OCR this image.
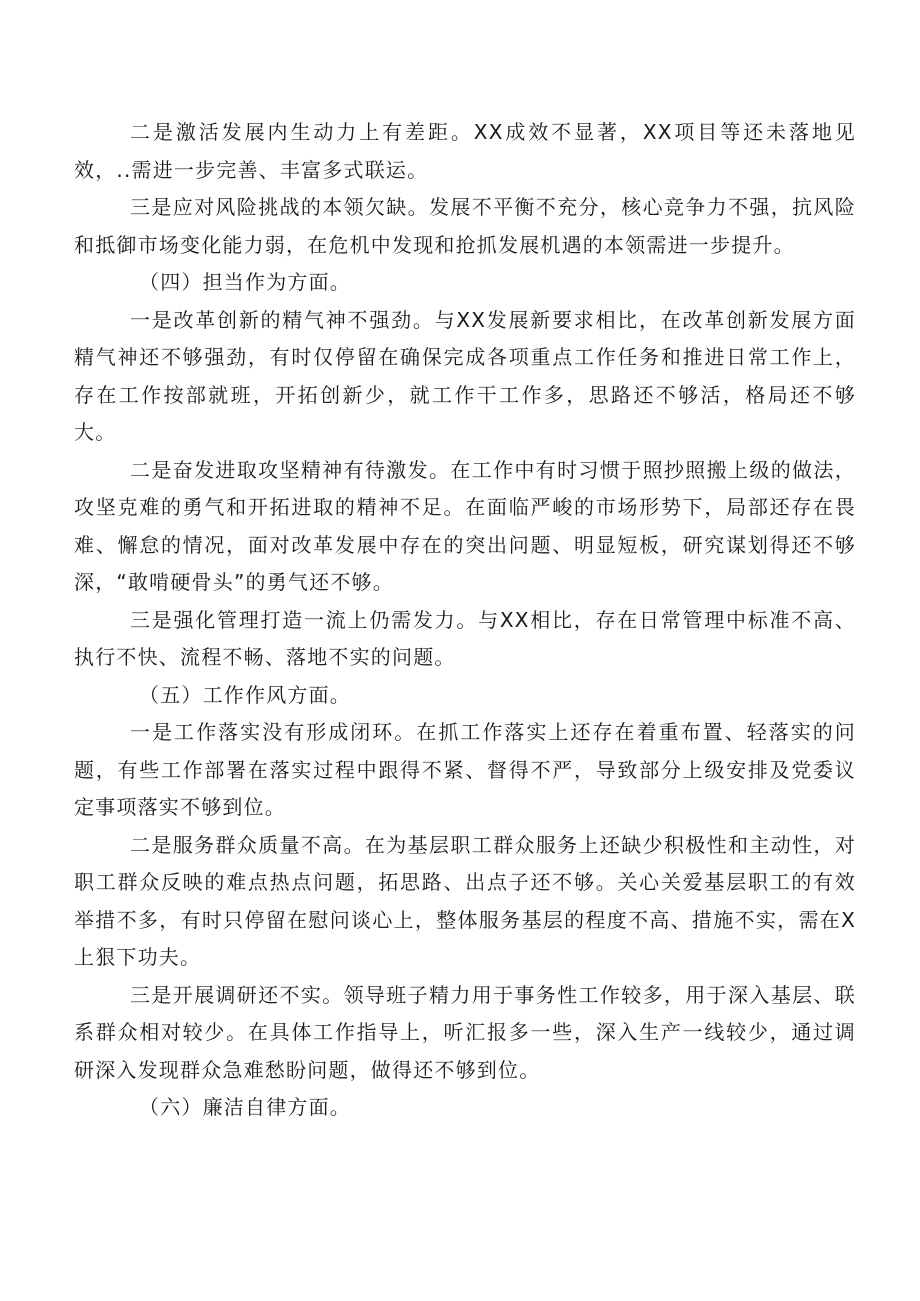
二是激活发展内生动力上有差距。XX成效不显著，XX项目等还未落地见效，..需进一步完善、丰富多式联运。

三是应对风险挑战的本领欠缺。发展不平衡不充分，核心竞争力不强，抗风险和抵御市场变化能力弱，在危机中发现和抢抓发展机遇的本领需进一步提升。

（四）担当作为方面。

一是改革创新的精气神不强劲。与XX发展新要求相比，在改革创新发展方面精气神还不够强劲，有时仅停留在确保完成各项重点工作任务和推进日常工作上，存在工作按部就班，开拓创新少，就工作干工作多，思路还不够活，格局还不够大。

二是奋发进取攻坚精神有待激发。在工作中有时习惯于照抄照搬上级的做法，攻坚克难的勇气和开拓进取的精神不足。在面临严峻的市场形势下，局部还存在畏难、懈怠的情况，面对改革发展中存在的突出问题、明显短板，研究谋划得还不够深，“敢啃硬骨头”的勇气还不够。

三是强化管理打造一流上仍需发力。与XX相比，存在日常管理中标准不高、执行不快、流程不畅、落地不实的问题。

（五）工作作风方面。

一是工作落实没有形成闭环。在抓工作落实上还存在着重布置、轻落实的问题，有些工作部署在落实过程中跟得不紧、督得不严，导致部分上级安排及党委议定事项落实不够到位。

二是服务群众质量不高。在为基层职工群众服务上还缺少积极性和主动性，对职工群众反映的难点热点问题，拓思路、出点子还不够。关心关爱基层职工的有效举措不多，有时只停留在慰问谈心上，整体服务基层的程度不高、措施不实，需在X上狠下功夫。

三是开展调研还不实。领导班子精力用于事务性工作较多，用于深入基层、联系群众相对较少。在具体工作指导上，听汇报多一些，深入生产一线较少，通过调研深入发现群众急难愁盼问题，做得还不够到位。

（六）廉洁自律方面。
